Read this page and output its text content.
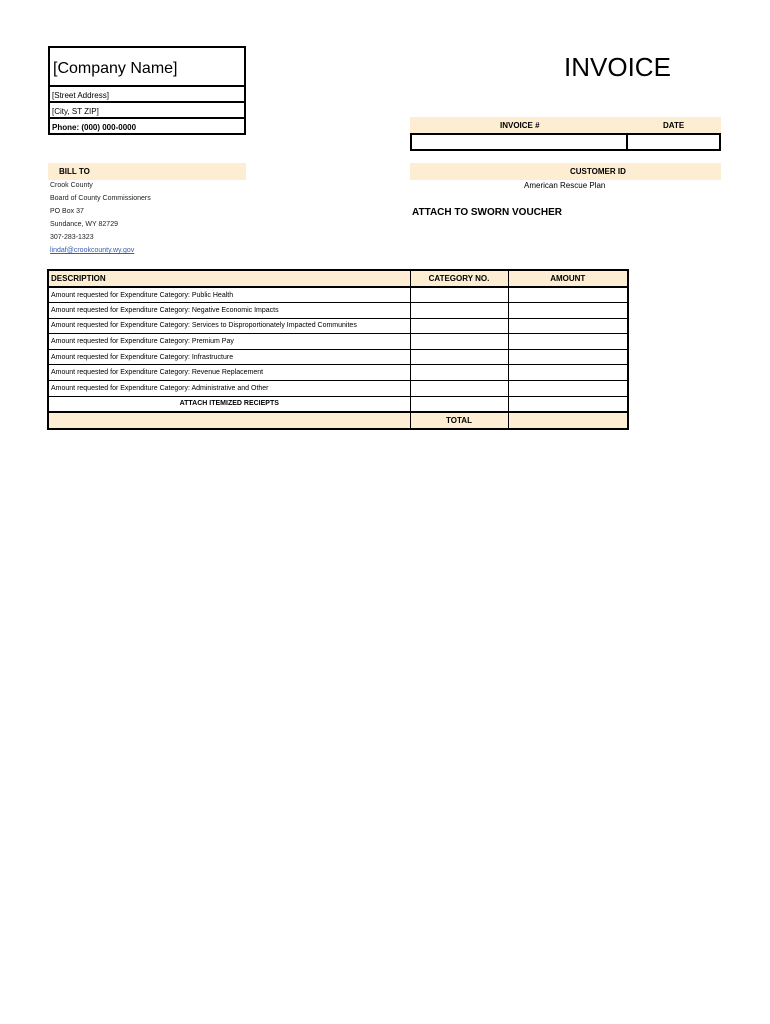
[Company Name]
[Street Address]
[City, ST ZIP]
Phone: (000) 000-0000
INVOICE
INVOICE #	DATE
BILL TO
Crook County
Board of County Commissioners
PO Box 37
Sundance, WY 82729
307-283-1323
lindaf@crookcounty.wy.gov
CUSTOMER ID
American Rescue Plan
ATTACH TO SWORN VOUCHER
DESCRIPTION	CATEGORY NO.	AMOUNT
Amount requested for Expenditure Category: Public Health		
Amount requested for Expenditure Category: Negative Economic Impacts		
Amount requested for Expenditure Category: Services to Disproportionately Impacted Communites		
Amount requested for Expenditure Category: Premium Pay		
Amount requested for Expenditure Category: Infrastructure		
Amount requested for Expenditure Category: Revenue Replacement		
Amount requested for Expenditure Category: Administrative and Other		
ATTACH ITEMIZED RECIEPTS		
	TOTAL	
